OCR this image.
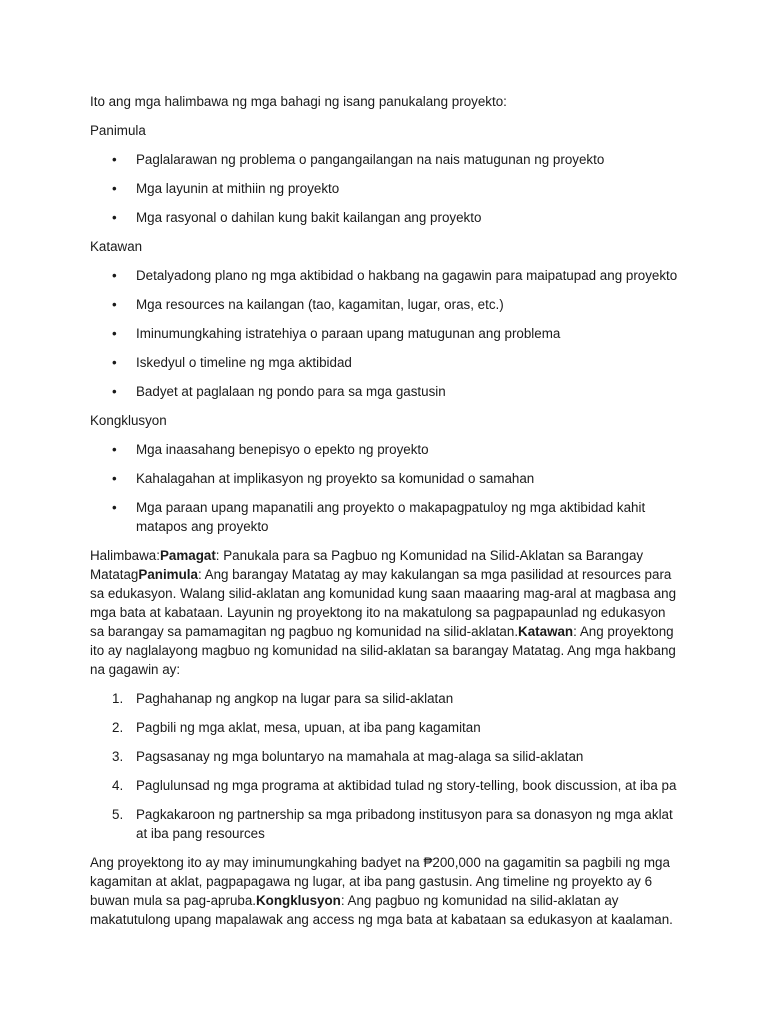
Ito ang mga halimbawa ng mga bahagi ng isang panukalang proyekto:

Panimula

• Paglalarawan ng problema o pangangailangan na nais matugunan ng proyekto
• Mga layunin at mithiin ng proyekto
• Mga rasyonal o dahilan kung bakit kailangan ang proyekto

Katawan

• Detalyadong plano ng mga aktibidad o hakbang na gagawin para maipatupad ang proyekto
• Mga resources na kailangan (tao, kagamitan, lugar, oras, etc.)
• Iminumungkahing istratehiya o paraan upang matugunan ang problema
• Iskedyul o timeline ng mga aktibidad
• Badyet at paglalaan ng pondo para sa mga gastusin

Kongklusyon

• Mga inaasahang benepisyo o epekto ng proyekto
• Kahalagahan at implikasyon ng proyekto sa komunidad o samahan
• Mga paraan upang mapanatili ang proyekto o makapagpatuloy ng mga aktibidad kahit matapos ang proyekto

Halimbawa:Pamagat: Panukala para sa Pagbuo ng Komunidad na Silid-Aklatan sa Barangay MatatagPanimula: Ang barangay Matatag ay may kakulangan sa mga pasilidad at resources para sa edukasyon. Walang silid-aklatan ang komunidad kung saan maaaring mag-aral at magbasa ang mga bata at kabataan. Layunin ng proyektong ito na makatulong sa pagpapaunlad ng edukasyon sa barangay sa pamamagitan ng pagbuo ng komunidad na silid-aklatan.Katawan: Ang proyektong ito ay naglalayong magbuo ng komunidad na silid-aklatan sa barangay Matatag. Ang mga hakbang na gagawin ay:

1. Paghahanap ng angkop na lugar para sa silid-aklatan
2. Pagbili ng mga aklat, mesa, upuan, at iba pang kagamitan
3. Pagsasanay ng mga boluntaryo na mamahala at mag-alaga sa silid-aklatan
4. Paglulunsad ng mga programa at aktibidad tulad ng story-telling, book discussion, at iba pa
5. Pagkakaroon ng partnership sa mga pribadong institusyon para sa donasyon ng mga aklat at iba pang resources

Ang proyektong ito ay may iminumungkahing badyet na ₱200,000 na gagamitin sa pagbili ng mga kagamitan at aklat, pagpapagawa ng lugar, at iba pang gastusin. Ang timeline ng proyekto ay 6 buwan mula sa pag-apruba.Kongklusyon: Ang pagbuo ng komunidad na silid-aklatan ay makatutulong upang mapalawak ang access ng mga bata at kabataan sa edukasyon at kaalaman.
